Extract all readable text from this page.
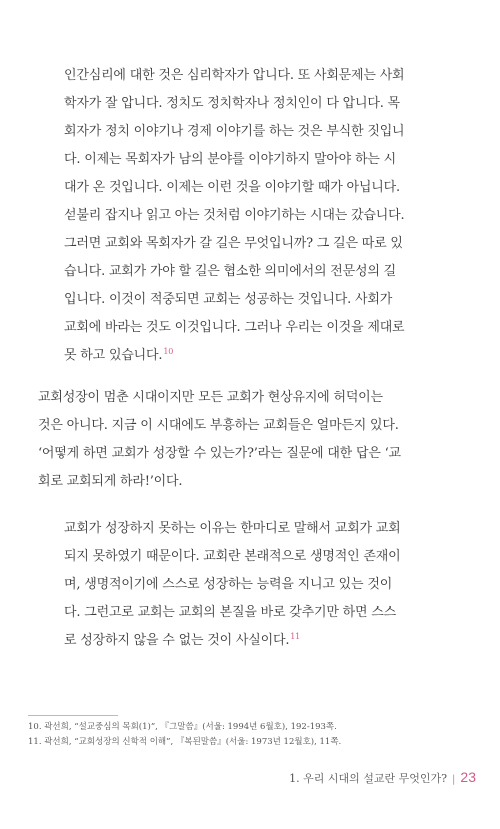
인간심리에 대한 것은 심리학자가 압니다. 또 사회문제는 사회

학자가 잘 압니다. 정치도 정치학자나 정치인이 다 압니다. 목

회자가 정치 이야기나 경제 이야기를 하는 것은 부식한 짓입니

다. 이제는 목회자가 남의 분야를 이야기하지 말아야 하는 시

대가 온 것입니다. 이제는 이런 것을 이야기할 때가 아닙니다.

섣불리 잡지나 읽고 아는 것처럼 이야기하는 시대는 갔습니다.

그러면 교회와 목회자가 갈 길은 무엇입니까? 그 길은 따로 있

습니다. 교회가 가야 할 길은 협소한 의미에서의 전문성의 길

입니다. 이것이 적중되면 교회는 성공하는 것입니다. 사회가

교회에 바라는 것도 이것입니다. 그러나 우리는 이것을 제대로

못 하고 있습니다.$^{10}$

교회성장이 멈춘 시대이지만 모든 교회가 현상유지에 허덕이는

것은 아니다. 지금 이 시대에도 부흥하는 교회들은 얼마든지 있다.

‘어떻게 하면 교회가 성장할 수 있는가?’라는 질문에 대한 답은 ‘교

회로 교회되게 하라!’이다.

교회가 성장하지 못하는 이유는 한마디로 말해서 교회가 교회

되지 못하였기 때문이다. 교회란 본래적으로 생명적인 존재이

며, 생명적이기에 스스로 성장하는 능력을 지니고 있는 것이

다. 그런고로 교회는 교회의 본질을 바로 갖추기만 하면 스스

로 성장하지 않을 수 없는 것이 사실이다.$^{11}$

10. 곽선희, “설교중심의 목회(1)”, 『그말씀』(서울: 1994년 6월호), 192-193쪽.

11. 곽선희, “교회성장의 신학적 이해”, 『복된말씀』(서울: 1973년 12월호), 11쪽.

1. 우리 시대의 설교란 무엇인가? | 23
